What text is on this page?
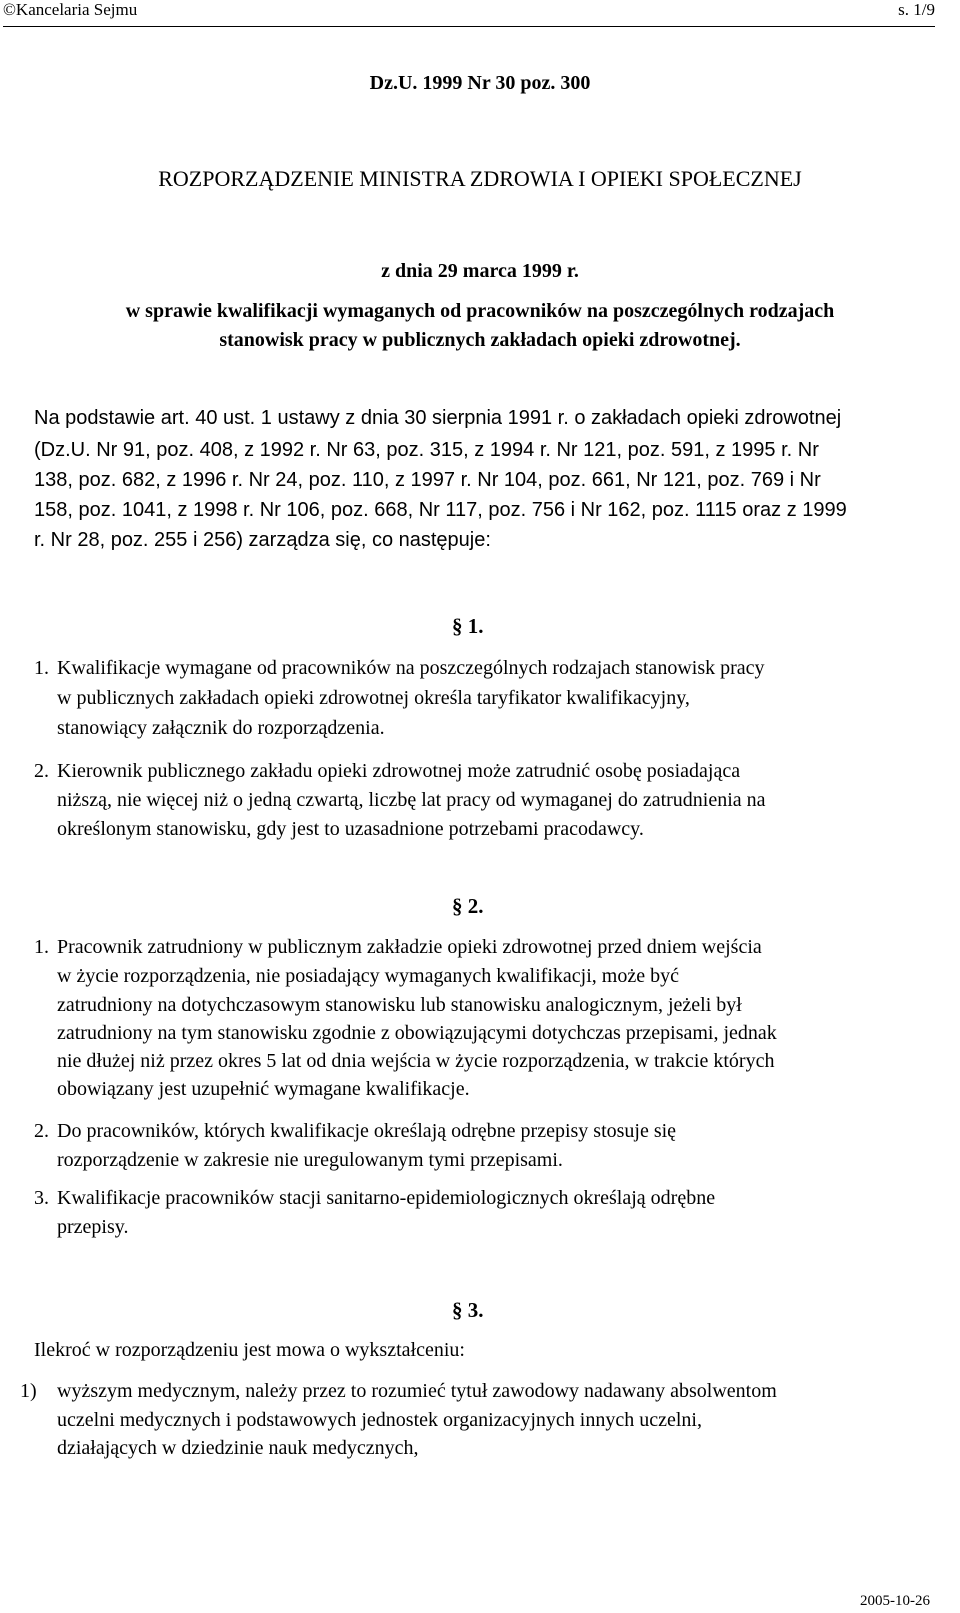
©Kancelaria Sejmu	s. 1/9
Dz.U. 1999 Nr 30 poz. 300
ROZPORZĄDZENIE MINISTRA ZDROWIA I OPIEKI SPOŁECZNEJ
z dnia 29 marca 1999 r.
w sprawie kwalifikacji wymaganych od pracowników na poszczególnych rodzajach
stanowisk pracy w publicznych zakładach opieki zdrowotnej.
Na podstawie art. 40 ust. 1 ustawy z dnia 30 sierpnia 1991 r. o zakładach opieki zdrowotnej
(Dz.U. Nr 91, poz. 408, z 1992 r. Nr 63, poz. 315, z 1994 r. Nr 121, poz. 591, z 1995 r. Nr
138, poz. 682, z 1996 r. Nr 24, poz. 110, z 1997 r. Nr 104, poz. 661, Nr 121, poz. 769 i Nr
158, poz. 1041, z 1998 r. Nr 106, poz. 668, Nr 117, poz. 756 i Nr 162, poz. 1115 oraz z 1999
r. Nr 28, poz. 255 i 256) zarządza się, co następuje:
§ 1.
1. Kwalifikacje wymagane od pracowników na poszczególnych rodzajach stanowisk pracy
w publicznych zakładach opieki zdrowotnej określa taryfikator kwalifikacyjny,
stanowiący załącznik do rozporządzenia.
2. Kierownik publicznego zakładu opieki zdrowotnej może zatrudnić osobę posiadająca
niższą, nie więcej niż o jedną czwartą, liczbę lat pracy od wymaganej do zatrudnienia na
określonym stanowisku, gdy jest to uzasadnione potrzebami pracodawcy.
§ 2.
1. Pracownik zatrudniony w publicznym zakładzie opieki zdrowotnej przed dniem wejścia
w życie rozporządzenia, nie posiadający wymaganych kwalifikacji, może być
zatrudniony na dotychczasowym stanowisku lub stanowisku analogicznym, jeżeli był
zatrudniony na tym stanowisku zgodnie z obowiązującymi dotychczas przepisami, jednak
nie dłużej niż przez okres 5 lat od dnia wejścia w życie rozporządzenia, w trakcie których
obowiązany jest uzupełnić wymagane kwalifikacje.
2. Do pracowników, których kwalifikacje określają odrębne przepisy stosuje się
rozporządzenie w zakresie nie uregulowanym tymi przepisami.
3. Kwalifikacje pracowników stacji sanitarno-epidemiologicznych określają odrębne
przepisy.
§ 3.
Ilekroć w rozporządzeniu jest mowa o wykształceniu:
1) wyższym medycznym, należy przez to rozumieć tytuł zawodowy nadawany absolwentom
uczelni medycznych i podstawowych jednostek organizacyjnych innych uczelni,
działających w dziedzinie nauk medycznych,
2005-10-26
